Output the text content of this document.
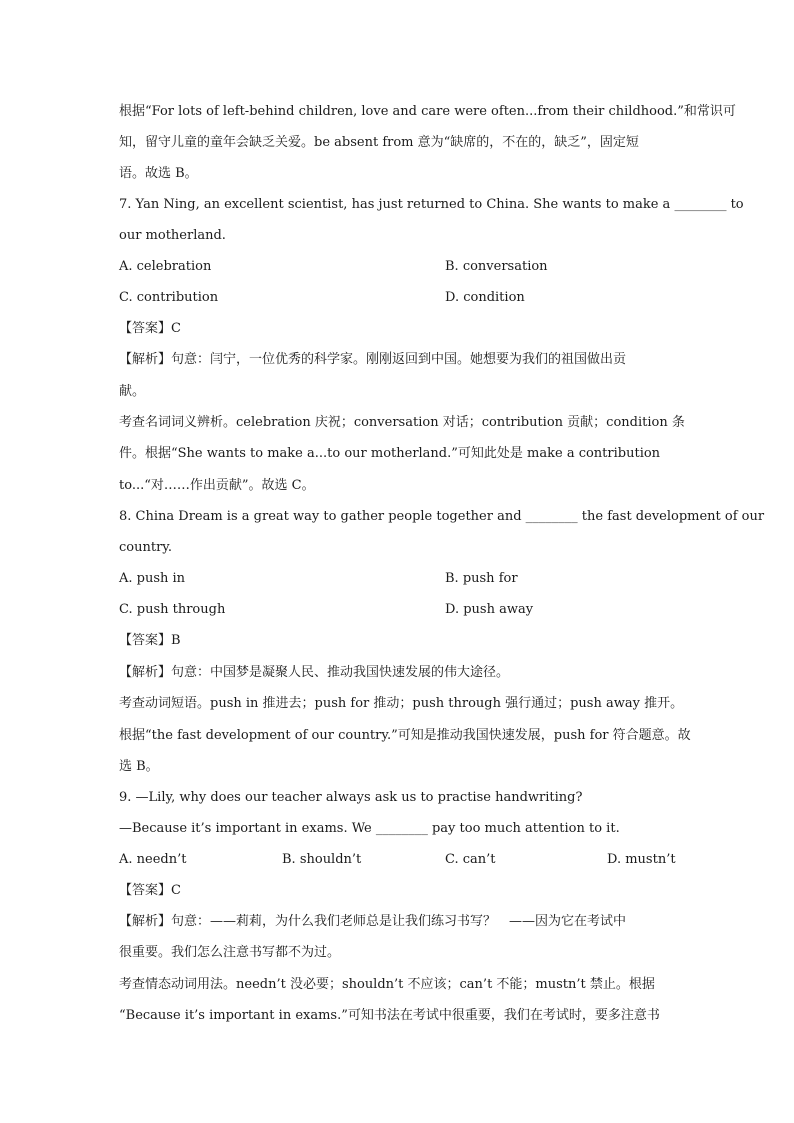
根据“For lots of left-behind children, love and care were often...from their childhood.”和常识可
知，留守儿童的童年会缺乏关爱。be absent from 意为“缺席的，不在的，缺乏”，固定短
语。故选 B。
7. Yan Ning, an excellent scientist, has just returned to China. She wants to make a ________ to
our motherland.
A. celebration	B. conversation
C. contribution	D. condition
【答案】C
【解析】句意：闫宁，一位优秀的科学家。刚刚返回到中国。她想要为我们的祖国做出贡
献。
考查名词词义辨析。celebration 庆祝；conversation 对话；contribution 贡献；condition 条
件。根据“She wants to make a...to our motherland.”可知此处是 make a contribution
to...“对……作出贡献”。故选 C。
8. China Dream is a great way to gather people together and ________ the fast development of our
country.
A. push in	B. push for
C. push through	D. push away
【答案】B
【解析】句意：中国梦是凝聚人民、推动我国快速发展的伟大途径。
考查动词短语。push in 推进去；push for 推动；push through 强行通过；push away 推开。
根据“the fast development of our country.”可知是推动我国快速发展，push for 符合题意。故
选 B。
9. —Lily, why does our teacher always ask us to practise handwriting?
—Because it’s important in exams. We ________ pay too much attention to it.
A. needn’t	B. shouldn’t	C. can’t	D. mustn’t
【答案】C
【解析】句意：——莉莉，为什么我们老师总是让我们练习书写？　——因为它在考试中
很重要。我们怎么注意书写都不为过。
考查情态动词用法。needn’t 没必要；shouldn’t 不应该；can’t 不能；mustn’t 禁止。根据
“Because it’s important in exams.”可知书法在考试中很重要，我们在考试时，要多注意书
